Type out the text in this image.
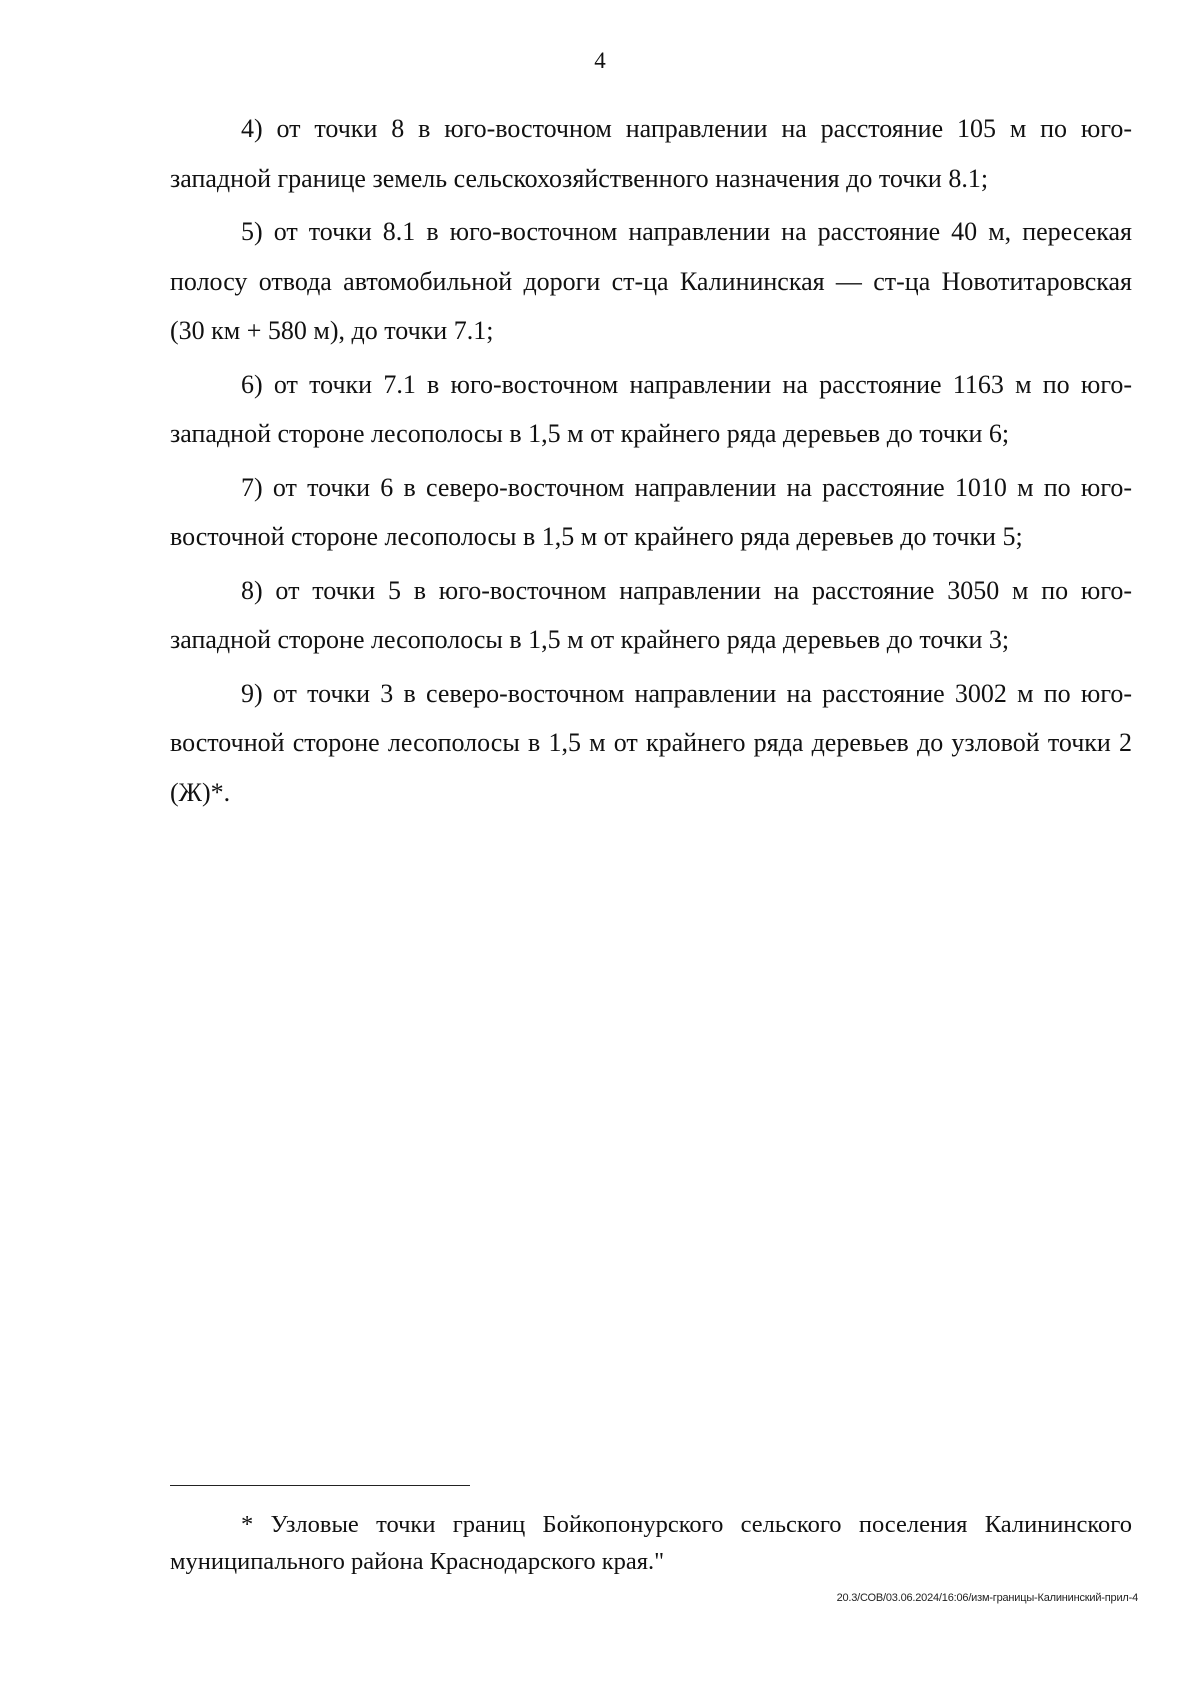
4

4) от точки 8 в юго-восточном направлении на расстояние 105 м по юго-западной границе земель сельскохозяйственного назначения до точки 8.1;

5) от точки 8.1 в юго-восточном направлении на расстояние 40 м, пересекая полосу отвода автомобильной дороги ст-ца Калининская — ст-ца Новотитаровская (30 км + 580 м), до точки 7.1;

6) от точки 7.1 в юго-восточном направлении на расстояние 1163 м по юго-западной стороне лесополосы в 1,5 м от крайнего ряда деревьев до точки 6;

7) от точки 6 в северо-восточном направлении на расстояние 1010 м по юго-восточной стороне лесополосы в 1,5 м от крайнего ряда деревьев до точки 5;

8) от точки 5 в юго-восточном направлении на расстояние 3050 м по юго-западной стороне лесополосы в 1,5 м от крайнего ряда деревьев до точки 3;

9) от точки 3 в северо-восточном направлении на расстояние 3002 м по юго-восточной стороне лесополосы в 1,5 м от крайнего ряда деревьев до узловой точки 2 (Ж)*.

* Узловые точки границ Бойкопонурского сельского поселения Калининского муниципального района Краснодарского края."

20.3/СОВ/03.06.2024/16:06/изм-границы-Калининский-прил-4
